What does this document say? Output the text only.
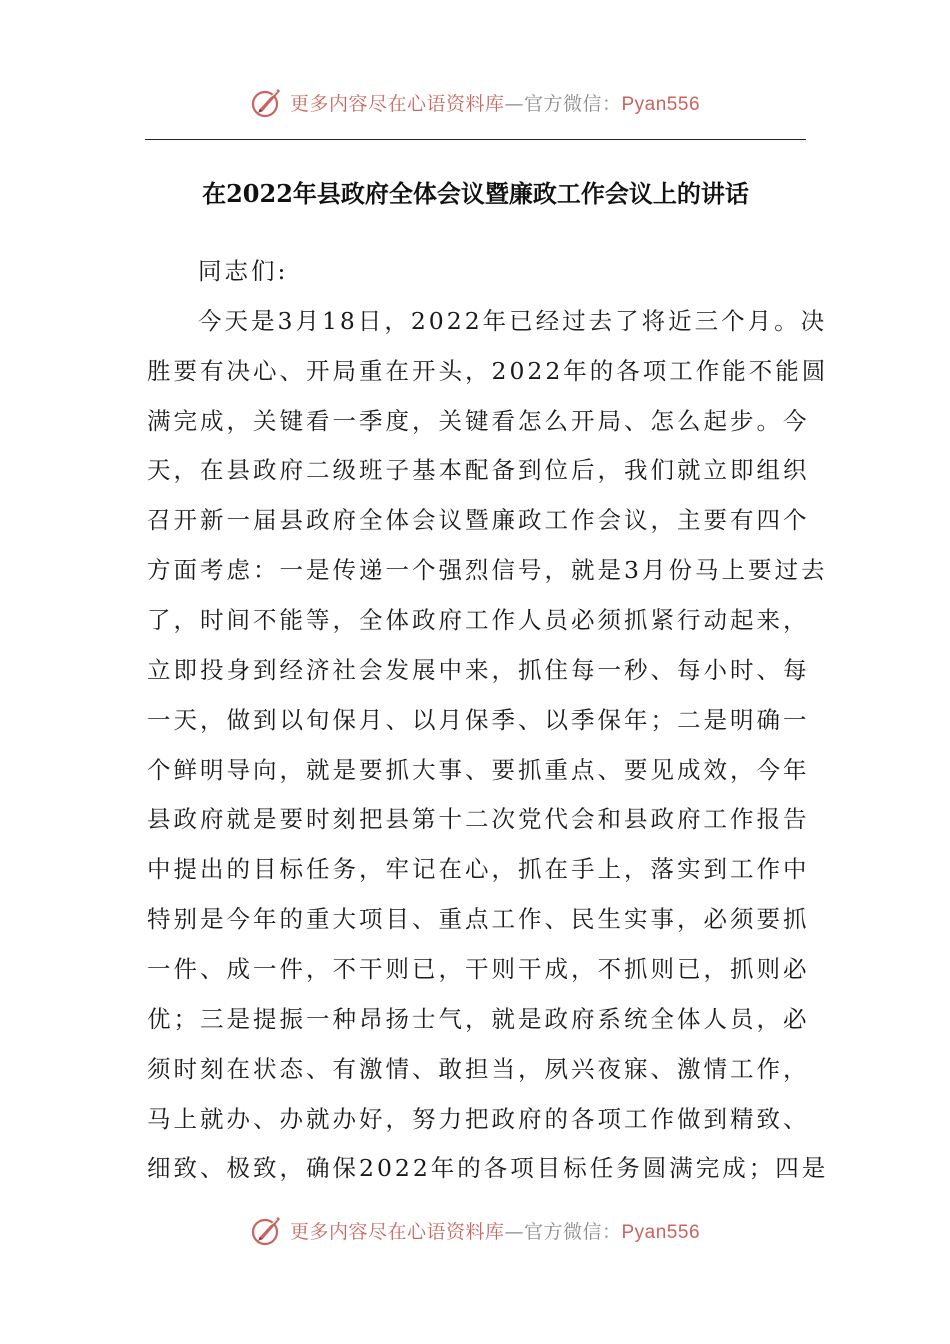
更多内容尽在心语资料库—官方微信：Pyan556
在2022年县政府全体会议暨廉政工作会议上的讲话
同志们:
今天是3月18日，2022年已经过去了将近三个月。决
胜要有决心、开局重在开头，2022年的各项工作能不能圆
满完成，关键看一季度，关键看怎么开局、怎么起步。今
天，在县政府二级班子基本配备到位后，我们就立即组织
召开新一届县政府全体会议暨廉政工作会议，主要有四个
方面考虑：一是传递一个强烈信号，就是3月份马上要过去
了，时间不能等，全体政府工作人员必须抓紧行动起来，
立即投身到经济社会发展中来，抓住每一秒、每小时、每
一天，做到以旬保月、以月保季、以季保年；二是明确一
个鲜明导向，就是要抓大事、要抓重点、要见成效，今年
县政府就是要时刻把县第十二次党代会和县政府工作报告
中提出的目标任务，牢记在心，抓在手上，落实到工作中
特别是今年的重大项目、重点工作、民生实事，必须要抓
一件、成一件，不干则已，干则干成，不抓则已，抓则必
优；三是提振一种昂扬士气，就是政府系统全体人员，必
须时刻在状态、有激情、敢担当，夙兴夜寐、激情工作，
马上就办、办就办好，努力把政府的各项工作做到精致、
细致、极致，确保2022年的各项目标任务圆满完成；四是
更多内容尽在心语资料库—官方微信：Pyan556
